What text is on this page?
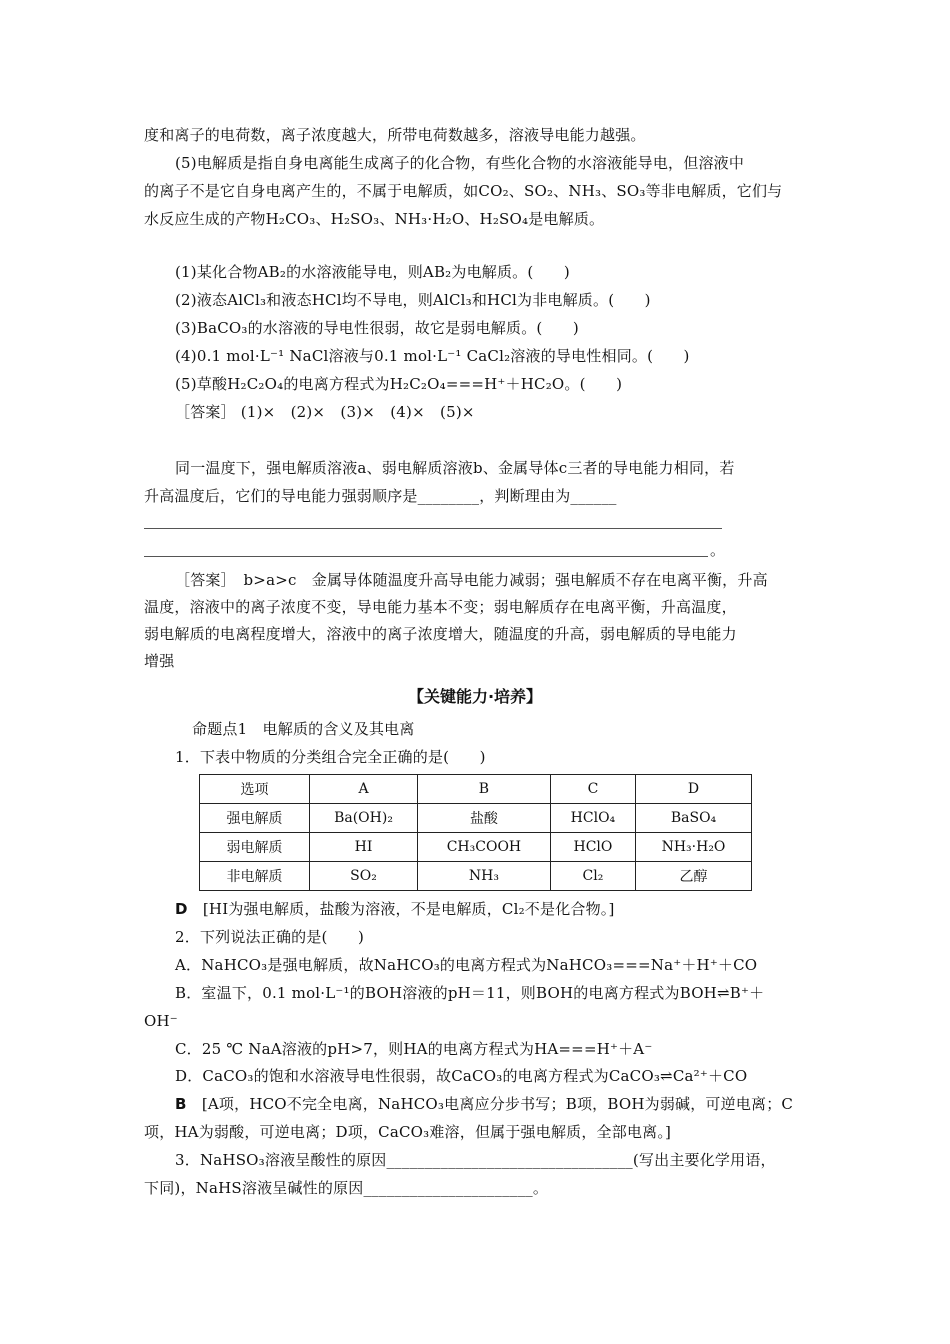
度和离子的电荷数，离子浓度越大，所带电荷数越多，溶液导电能力越强。
(5)电解质是指自身电离能生成离子的化合物，有些化合物的水溶液能导电，但溶液中
的离子不是它自身电离产生的，不属于电解质，如CO₂、SO₂、NH₃、SO₃等非电解质，它们与
水反应生成的产物H₂CO₃、H₂SO₃、NH₃·H₂O、H₂SO₄是电解质。
(1)某化合物AB₂的水溶液能导电，则AB₂为电解质。(　　)
(2)液态AlCl₃和液态HCl均不导电，则AlCl₃和HCl为非电解质。(　　)
(3)BaCO₃的水溶液的导电性很弱，故它是弱电解质。(　　)
(4)0.1 mol·L⁻¹ NaCl溶液与0.1 mol·L⁻¹ CaCl₂溶液的导电性相同。(　　)
(5)草酸H₂C₂O₄的电离方程式为H₂C₂O₄===H⁺＋HC₂O。(　　)
［答案］ (1)×　(2)×　(3)×　(4)×　(5)×
同一温度下，强电解质溶液a、弱电解质溶液b、金属导体c三者的导电能力相同，若
升高温度后，它们的导电能力强弱顺序是________，判断理由为______
。
［答案］　b>a>c　金属导体随温度升高导电能力减弱；强电解质不存在电离平衡，升高
温度，溶液中的离子浓度不变，导电能力基本不变；弱电解质存在电离平衡，升高温度，
弱电解质的电离程度增大，溶液中的离子浓度增大，随温度的升高，弱电解质的导电能力
增强
【关键能力·培养】
命题点1　电解质的含义及其电离
1．下表中物质的分类组合完全正确的是(　　)
选项	A	B	C	D
强电解质	Ba(OH)₂	盐酸	HClO₄	BaSO₄
弱电解质	HI	CH₃COOH	HClO	NH₃·H₂O
非电解质	SO₂	NH₃	Cl₂	乙醇
D　[HI为强电解质，盐酸为溶液，不是电解质，Cl₂不是化合物。]
2．下列说法正确的是(　　)
A．NaHCO₃是强电解质，故NaHCO₃的电离方程式为NaHCO₃===Na⁺＋H⁺＋CO
B．室温下，0.1 mol·L⁻¹的BOH溶液的pH＝11，则BOH的电离方程式为BOH⇌B⁺＋
OH⁻
C．25 ℃ NaA溶液的pH>7，则HA的电离方程式为HA===H⁺＋A⁻
D．CaCO₃的饱和水溶液导电性很弱，故CaCO₃的电离方程式为CaCO₃⇌Ca²⁺＋CO
B　[A项，HCO不完全电离，NaHCO₃电离应分步书写；B项，BOH为弱碱，可逆电离；C
项，HA为弱酸，可逆电离；D项，CaCO₃难溶，但属于强电解质，全部电离。]
3．NaHSO₃溶液呈酸性的原因________________________________(写出主要化学用语，
下同)，NaHS溶液呈碱性的原因______________________。
